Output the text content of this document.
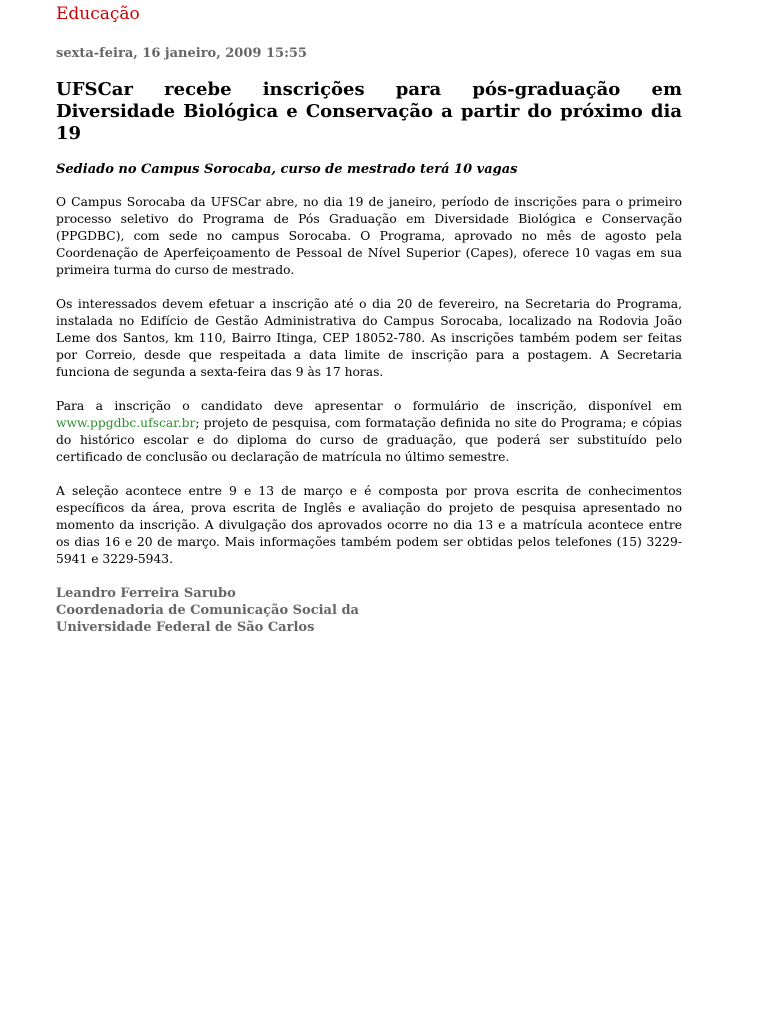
Educação
sexta-feira, 16 janeiro, 2009 15:55
UFSCar recebe inscrições para pós-graduação em Diversidade Biológica e Conservação a partir do próximo dia 19
Sediado no Campus Sorocaba, curso de mestrado terá 10 vagas

O Campus Sorocaba da UFSCar abre, no dia 19 de janeiro, período de inscrições para o primeiro processo seletivo do Programa de Pós Graduação em Diversidade Biológica e Conservação (PPGDBC), com sede no campus Sorocaba. O Programa, aprovado no mês de agosto pela Coordenação de Aperfeiçoamento de Pessoal de Nível Superior (Capes), oferece 10 vagas em sua primeira turma do curso de mestrado.

Os interessados devem efetuar a inscrição até o dia 20 de fevereiro, na Secretaria do Programa, instalada no Edifício de Gestão Administrativa do Campus Sorocaba, localizado na Rodovia João Leme dos Santos, km 110, Bairro Itinga, CEP 18052-780. As inscrições também podem ser feitas por Correio, desde que respeitada a data limite de inscrição para a postagem. A Secretaria funciona de segunda a sexta-feira das 9 às 17 horas.

Para a inscrição o candidato deve apresentar o formulário de inscrição, disponível em www.ppgdbc.ufscar.br; projeto de pesquisa, com formatação definida no site do Programa; e cópias do histórico escolar e do diploma do curso de graduação, que poderá ser substituído pelo certificado de conclusão ou declaração de matrícula no último semestre.

A seleção acontece entre 9 e 13 de março e é composta por prova escrita de conhecimentos específicos da área, prova escrita de Inglês e avaliação do projeto de pesquisa apresentado no momento da inscrição. A divulgação dos aprovados ocorre no dia 13 e a matrícula acontece entre os dias 16 e 20 de março. Mais informações também podem ser obtidas pelos telefones (15) 3229-5941 e 3229-5943.

Leandro Ferreira Sarubo
Coordenadoria de Comunicação Social da
Universidade Federal de São Carlos
